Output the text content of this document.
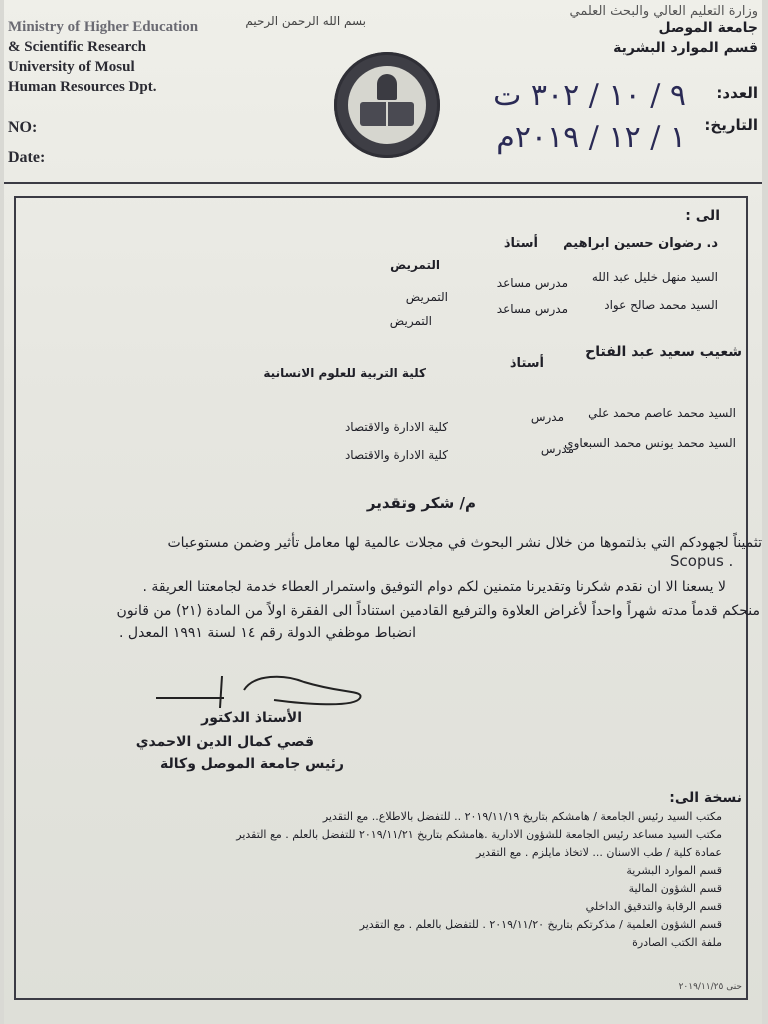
Ministry of Higher Education
& Scientific Research
University of Mosul
Human Resources Dpt.
NO:
Date:
بسم الله الرحمن الرحيم
وزارة التعليم العالي والبحث العلمي
جامعة الموصل
قسم الموارد البشرية
العدد:
التاريخ:
٩ / ١٠ / ٣٠٢ ت
١ / ١٢ / ٢٠١٩م
الى :
د. رضوان حسين ابراهيم
أستاذ
التمريض
السيد منهل خليل عبد الله
مدرس مساعد
التمريض
السيد محمد صالح عواد
مدرس مساعد
التمريض
شعيب سعيد عبد الفتاح
أستاذ
كلية التربية للعلوم الانسانية
السيد محمد عاصم محمد علي
مدرس
كلية الادارة والاقتصاد
السيد محمد يونس محمد السبعاوي
مدرس
كلية الادارة والاقتصاد
م/ شكر وتقدير
تثميناً لجهودكم التي بذلتموها من خلال نشر البحوث في مجلات عالمية لها معامل تأثير وضمن مستوعبات
Scopus .
لا يسعنا الا ان نقدم شكرنا وتقديرنا متمنين لكم دوام التوفيق واستمرار العطاء خدمة لجامعتنا العريقة .
منحكم قدماً مدته شهراً واحداً لأغراض العلاوة والترفيع القادمين استناداً الى الفقرة اولاً من المادة (٢١) من قانون
انضباط موظفي الدولة رقم ١٤ لسنة ١٩٩١ المعدل .
الأستاذ الدكتور
قصي كمال الدين الاحمدي
رئيس جامعة الموصل وكالة
نسخة الى:
مكتب السيد رئيس الجامعة / هامشكم بتاريخ ٢٠١٩/١١/١٩ .. للتفضل بالاطلاع.. مع التقدير
مكتب السيد مساعد رئيس الجامعة للشؤون الادارية .هامشكم بتاريخ ٢٠١٩/١١/٢١ للتفضل بالعلم . مع التقدير
عمادة كلية / طب الاسنان ... لاتخاذ مايلزم . مع التقدير
قسم الموارد البشرية
قسم الشؤون المالية
قسم الرقابة والتدقيق الداخلي
قسم الشؤون العلمية / مذكرتكم بتاريخ ٢٠١٩/١١/٢٠ . للتفضل بالعلم . مع التقدير
ملفة الكتب الصادرة
حنى ٢٠١٩/١١/٢٥
